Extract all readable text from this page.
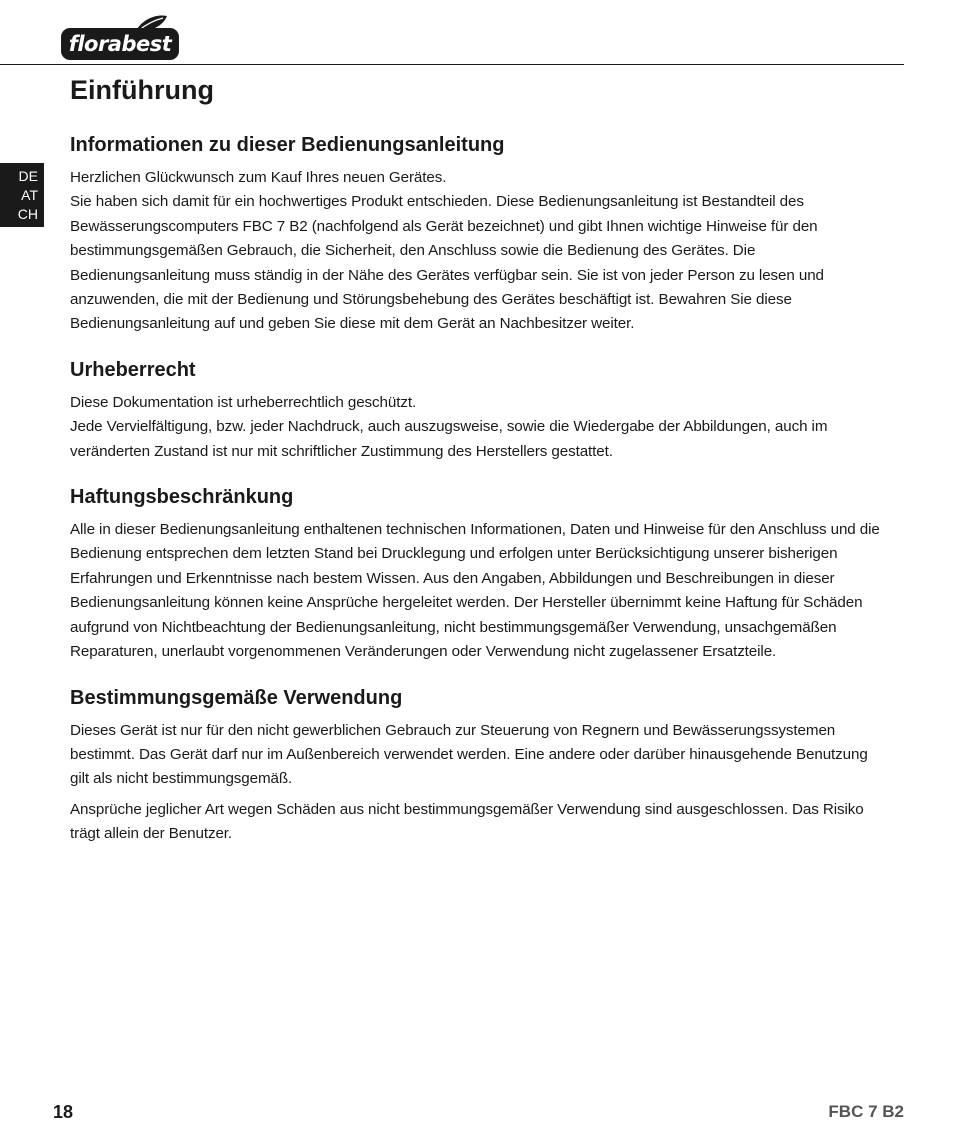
florabest
DE
AT
CH
Einführung
Informationen zu dieser Bedienungsanleitung

Herzlichen Glückwunsch zum Kauf Ihres neuen Gerätes.

Sie haben sich damit für ein hochwertiges Produkt entschieden. Diese Bedienungsanleitung ist Bestandteil des Bewässerungscomputers FBC 7 B2 (nachfolgend als Gerät bezeichnet) und gibt Ihnen wichtige Hinweise für den bestimmungsgemäßen Gebrauch, die Sicherheit, den Anschluss sowie die Bedienung des Gerätes. Die Bedienungsanleitung muss ständig in der Nähe des Gerätes verfügbar sein. Sie ist von jeder Person zu lesen und anzuwenden, die mit der Bedienung und Störungsbehebung des Gerätes beschäftigt ist. Bewahren Sie diese Bedienungsanleitung auf und geben Sie diese mit dem Gerät an Nachbesitzer weiter.

Urheberrecht

Diese Dokumentation ist urheberrechtlich geschützt.

Jede Vervielfältigung, bzw. jeder Nachdruck, auch auszugsweise, sowie die Wiedergabe der Abbildungen, auch im veränderten Zustand ist nur mit schriftlicher Zustimmung des Herstellers gestattet.

Haftungsbeschränkung

Alle in dieser Bedienungsanleitung enthaltenen technischen Informationen, Daten und Hinweise für den Anschluss und die Bedienung entsprechen dem letzten Stand bei Drucklegung und erfolgen unter Berücksichtigung unserer bisherigen Erfahrungen und Erkenntnisse nach bestem Wissen. Aus den Angaben, Abbildungen und Beschreibungen in dieser Bedienungsanleitung können keine Ansprüche hergeleitet werden. Der Hersteller übernimmt keine Haftung für Schäden aufgrund von Nichtbeachtung der Bedienungsanleitung, nicht bestimmungsgemäßer Verwendung, unsachgemäßen Reparaturen, unerlaubt vorgenommenen Veränderungen oder Verwendung nicht zugelassener Ersatzteile.

Bestimmungsgemäße Verwendung

Dieses Gerät ist nur für den nicht gewerblichen Gebrauch zur Steuerung von Regnern und Bewässerungssystemen bestimmt. Das Gerät darf nur im Außenbereich verwendet werden. Eine andere oder darüber hinausgehende Benutzung gilt als nicht bestimmungsgemäß.

Ansprüche jeglicher Art wegen Schäden aus nicht bestimmungsgemäßer Verwendung sind ausgeschlossen. Das Risiko trägt allein der Benutzer.

18	FBC 7 B2
